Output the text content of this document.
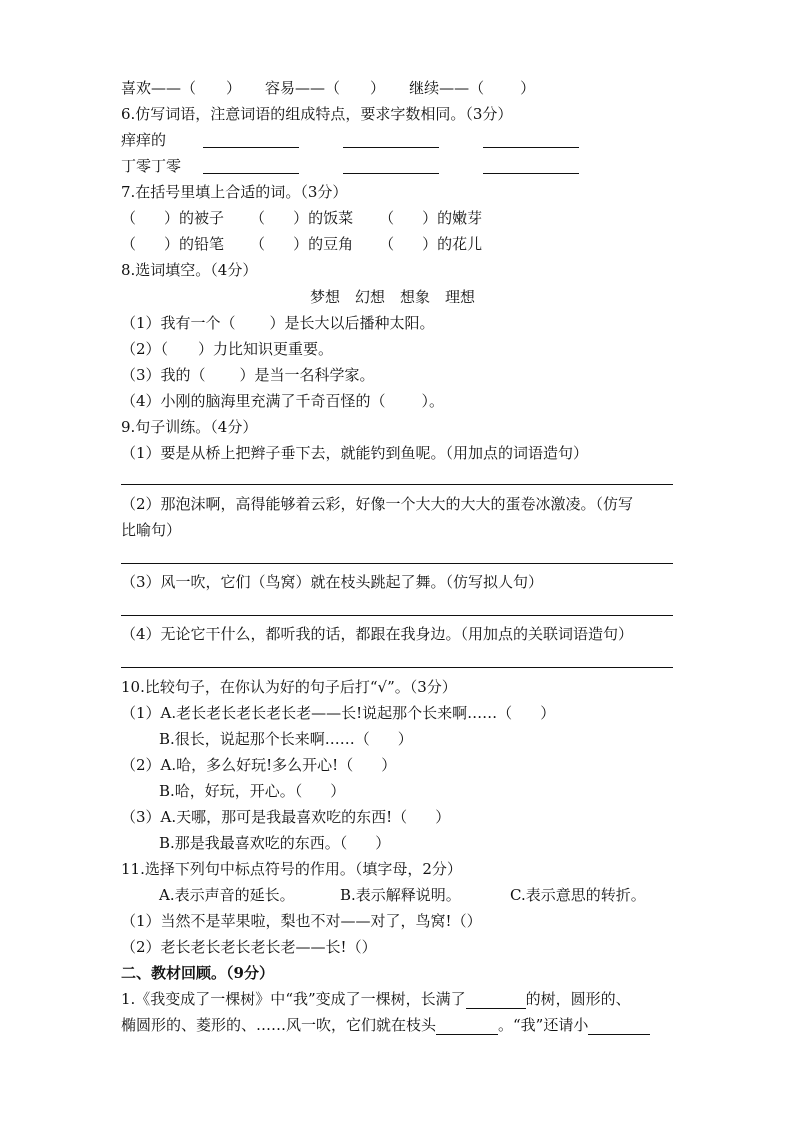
喜欢——（ ） 容易——（ ） 继续——（ ）
6.仿写词语，注意词语的组成特点，要求字数相同。（3分）
痒痒的
丁零丁零
7.在括号里填上合适的词。（3分）
（ ）的被子 （ ）的饭菜 （ ）的嫩芽
（ ）的铅笔 （ ）的豆角 （ ）的花儿
8.选词填空。（4分）
梦想　幻想　想象　理想
（1）我有一个（ ）是长大以后播种太阳。
（2）（ ）力比知识更重要。
（3）我的（ ）是当一名科学家。
（4）小刚的脑海里充满了千奇百怪的（ ）。
9.句子训练。（4分）
（1）要是从桥上把辫子垂下去，就能钓到鱼呢。（用加点的词语造句）
（2）那泡沫啊，高得能够着云彩，好像一个大大的大大的蛋卷冰激凌。（仿写
比喻句）
（3）风一吹，它们（鸟窝）就在枝头跳起了舞。（仿写拟人句）
（4）无论它干什么，都听我的话，都跟在我身边。（用加点的关联词语造句）
10.比较句子，在你认为好的句子后打“√”。（3分）
（1）A.老长老长老长老长老——长!说起那个长来啊……（ ）
B.很长，说起那个长来啊……（ ）
（2）A.哈，多么好玩!多么开心!（ ）
B.哈，好玩，开心。（ ）
（3）A.天哪，那可是我最喜欢吃的东西!（ ）
B.那是我最喜欢吃的东西。（ ）
11.选择下列句中标点符号的作用。（填字母，2分）
A.表示声音的延长。	B.表示解释说明。	C.表示意思的转折。
（1）当然不是苹果啦，梨也不对——对了，鸟窝!（）
（2）老长老长老长老长老——长!（）
二、教材回顾。（9分）
1.《我变成了一棵树》中“我”变成了一棵树，长满了	的树，圆形的、
椭圆形的、菱形的、……风一吹，它们就在枝头	。“我”还请小
